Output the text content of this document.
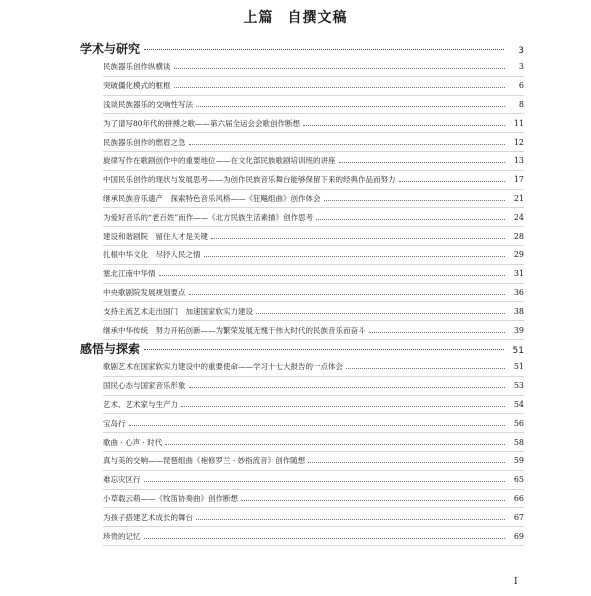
上篇 自撰文稿
学术与研究	3
民族器乐创作纵横谈	3
突破僵化模式的框框	6
浅谈民族器乐的交响性写法	8
为了谱写80年代的拼搏之歌——第六届全运会会歌创作断想	11
民族器乐创作的燃眉之急	12
旋律写作在歌剧创作中的重要地位——在文化部民族歌剧培训班的讲座	13
中国民乐创作的现状与发展思考——为创作民族音乐舞台能够保留下来的经典作品而努力	17
继承民族音乐遗产　探索特色音乐风格——《狂飚组曲》创作体会	21
为爱好音乐的“老百姓”而作——《北方民族生活素描》创作思考	24
建设和谐剧院　留住人才是关键	28
扎根中华文化　尽抒人民之情	29
塞北江南中华情	31
中央歌剧院发展规划要点	36
支持主流艺术走出国门　加速国家软实力建设	38
继承中华传统　努力开拓创新——为繁荣发展无愧于伟大时代的民族音乐而奋斗	39
感悟与探索	51
歌剧艺术在国家软实力建设中的重要使命——学习十七大报告的一点体会	51
国民心态与国家音乐形象	53
艺术、艺术家与生产力	54
宝岛行	56
歌曲 · 心声 · 时代	58
真与美的交响——琵琶组曲《袍修罗兰 · 妙指流音》创作随想	59
难忘灾区行	65
小草载云萌——《牧笛协奏曲》创作断想	66
为孩子搭建艺术成长的舞台	67
珍贵的记忆	69
I
